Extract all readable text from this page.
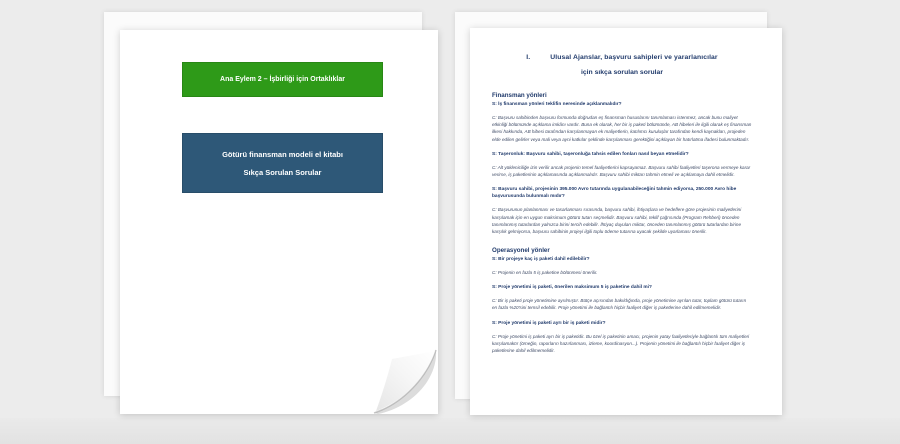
Ana Eylem 2 – İşbirliği için Ortaklıklar
Götürü finansman modeli el kitabı
Sıkça Sorulan Sorular
I.	Ulusal Ajanslar, başvuru sahipleri ve yararlanıcılar
için sıkça sorulan sorular
Finansman yönleri
S: İş finansman yönleri teklifin neresinde açıklanmalıdır?
C: Başvuru sahibinden başvuru formunda doğrudan eş finansman hususlarını tanımlaması istenmez, ancak bunu maliyet etkinliği bölümünde açıklama imkânı vardır. Buna ek olarak, her bir iş paketi bölümünde, AB hibeleri ile ilgili olarak eş finansman ilkesi hakkında, AB hibesi tarafından karşılanmayan ek maliyetlerin, katılımcı kuruluşlar tarafından kendi kaynakları, projeden elde edilen gelirler veya mali veya ayni katkılar şeklinde karşılanması gerektiğini açıklayan bir hatırlatma ifadesi bulunmaktadır.
S: Taşeronluk: Başvuru sahibi, taşeronluğa tahsis edilen fonları nasıl beyan etmelidir?
C: Alt yükleniciliğe izin verilir ancak projenin temel faaliyetlerini kapsayamaz. Başvuru sahibi faaliyetleri taşerona vermeye karar verirse, iş paketlerinin açıklamasında açıklanmalıdır. Başvuru sahibi miktarı tahmin etmeli ve açıklamaya dahil etmelidir.
S: Başvuru sahibi, projesinin 395.000 Avro tutarında uygulanabileceğini tahmin ediyorsa, 250.000 Avro hibe başvurusunda bulunmalı mıdır?
C: Başvurunun planlanması ve tasarlanması sırasında, başvuru sahibi, ihtiyaçlara ve hedeflere göre projesinin maliyetlerini karşılamak için en uygun maksimum götürü tutarı seçmelidir. Başvuru sahibi, teklif çağrısında (Program Rehberi) önceden tanımlanmış tutarlardan yalnızca birini tercih edebilir. İhtiyaç duyulan miktar, önceden tanımlanmış götürü tutarlardan birine karşılık gelmiyorsa, başvuru sahibinin projeyi ilgili toplu ödeme tutarına uyacak şekilde uyarlaması önerilir.
Operasyonel yönler
S: Bir projeye kaç iş paketi dahil edilebilir?
C: Projenin en fazla 5 iş paketine bölünmesi önerilir.
S: Proje yönetimi iş paketi, önerilen maksimum 5 iş paketine dahil mi?
C: Bir iş paketi proje yönetimine ayrılmıştır. Bütçe açısından bakıldığında, proje yönetimine ayrılan tutar, toplam götürü tutarın en fazla %20'sini temsil edebilir. Proje yönetimi ile bağlantılı hiçbir faaliyet diğer iş paketlerine dahil edilmemelidir.
S: Proje yönetimi iş paketi ayrı bir iş paketi midir?
C: Proje yönetimi iş paketi ayrı bir iş paketidir. Bu özel iş paketinin amacı, projenin yatay faaliyetleriyle bağlantılı tüm maliyetleri karşılamaktır (örneğin, raporların hazırlanması, izleme, koordinasyon...). Projenin yönetimi ile bağlantılı hiçbir faaliyet diğer iş paketlerine dahil edilmemelidir.
